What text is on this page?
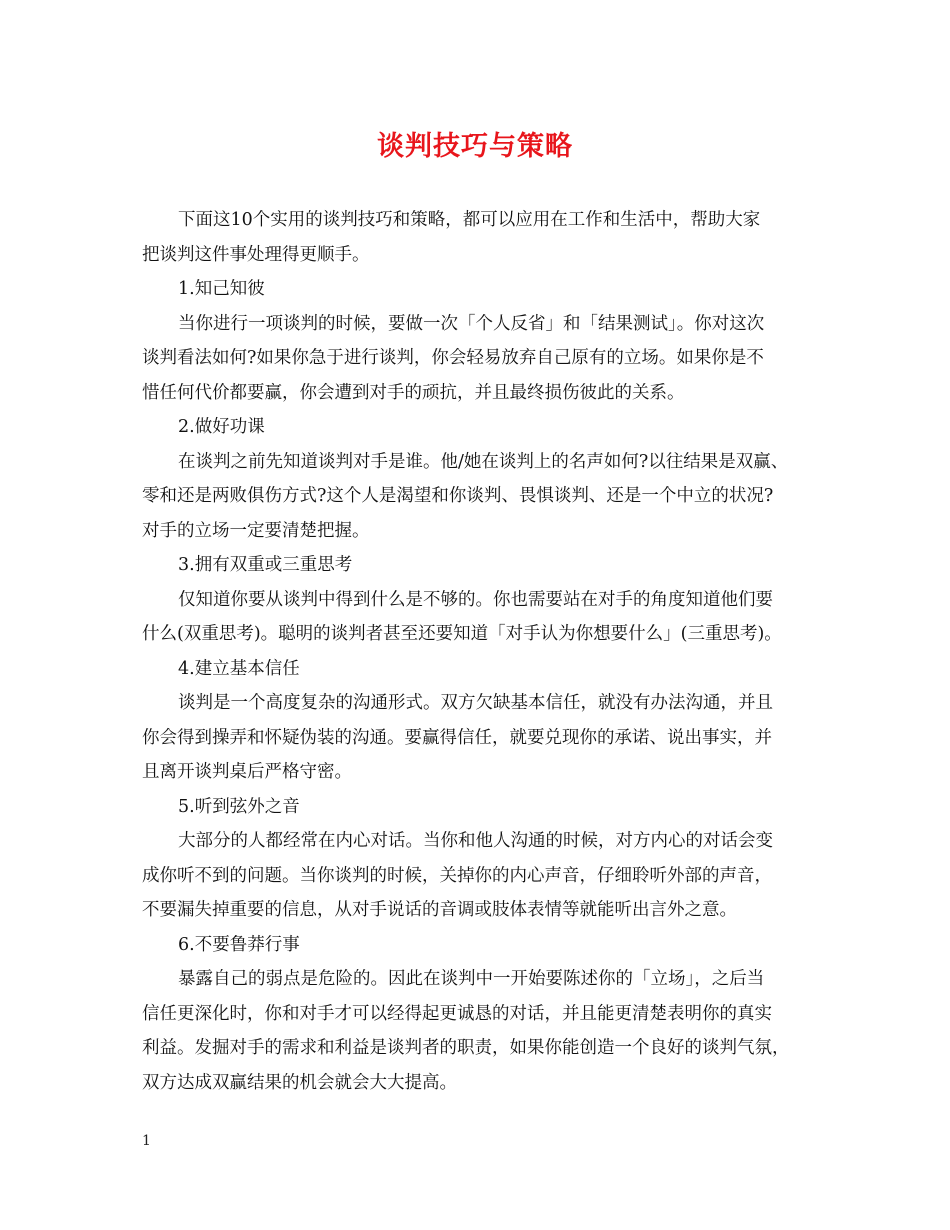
谈判技巧与策略

下面这10个实用的谈判技巧和策略，都可以应用在工作和生活中，帮助大家
把谈判这件事处理得更顺手。

1.知己知彼

当你进行一项谈判的时候，要做一次「个人反省」和「结果测试」。你对这次
谈判看法如何?如果你急于进行谈判，你会轻易放弃自己原有的立场。如果你是不
惜任何代价都要赢，你会遭到对手的顽抗，并且最终损伤彼此的关系。

2.做好功课

在谈判之前先知道谈判对手是谁。他/她在谈判上的名声如何?以往结果是双赢、
零和还是两败俱伤方式?这个人是渴望和你谈判、畏惧谈判、还是一个中立的状况?
对手的立场一定要清楚把握。

3.拥有双重或三重思考

仅知道你要从谈判中得到什么是不够的。你也需要站在对手的角度知道他们要
什么(双重思考)。聪明的谈判者甚至还要知道「对手认为你想要什么」(三重思考)。

4.建立基本信任

谈判是一个高度复杂的沟通形式。双方欠缺基本信任，就没有办法沟通，并且
你会得到操弄和怀疑伪装的沟通。要赢得信任，就要兑现你的承诺、说出事实，并
且离开谈判桌后严格守密。

5.听到弦外之音

大部分的人都经常在内心对话。当你和他人沟通的时候，对方内心的对话会变
成你听不到的问题。当你谈判的时候，关掉你的内心声音，仔细聆听外部的声音，
不要漏失掉重要的信息，从对手说话的音调或肢体表情等就能听出言外之意。

6.不要鲁莽行事

暴露自己的弱点是危险的。因此在谈判中一开始要陈述你的「立场」，之后当
信任更深化时，你和对手才可以经得起更诚恳的对话，并且能更清楚表明你的真实
利益。发掘对手的需求和利益是谈判者的职责，如果你能创造一个良好的谈判气氛，
双方达成双赢结果的机会就会大大提高。

1
